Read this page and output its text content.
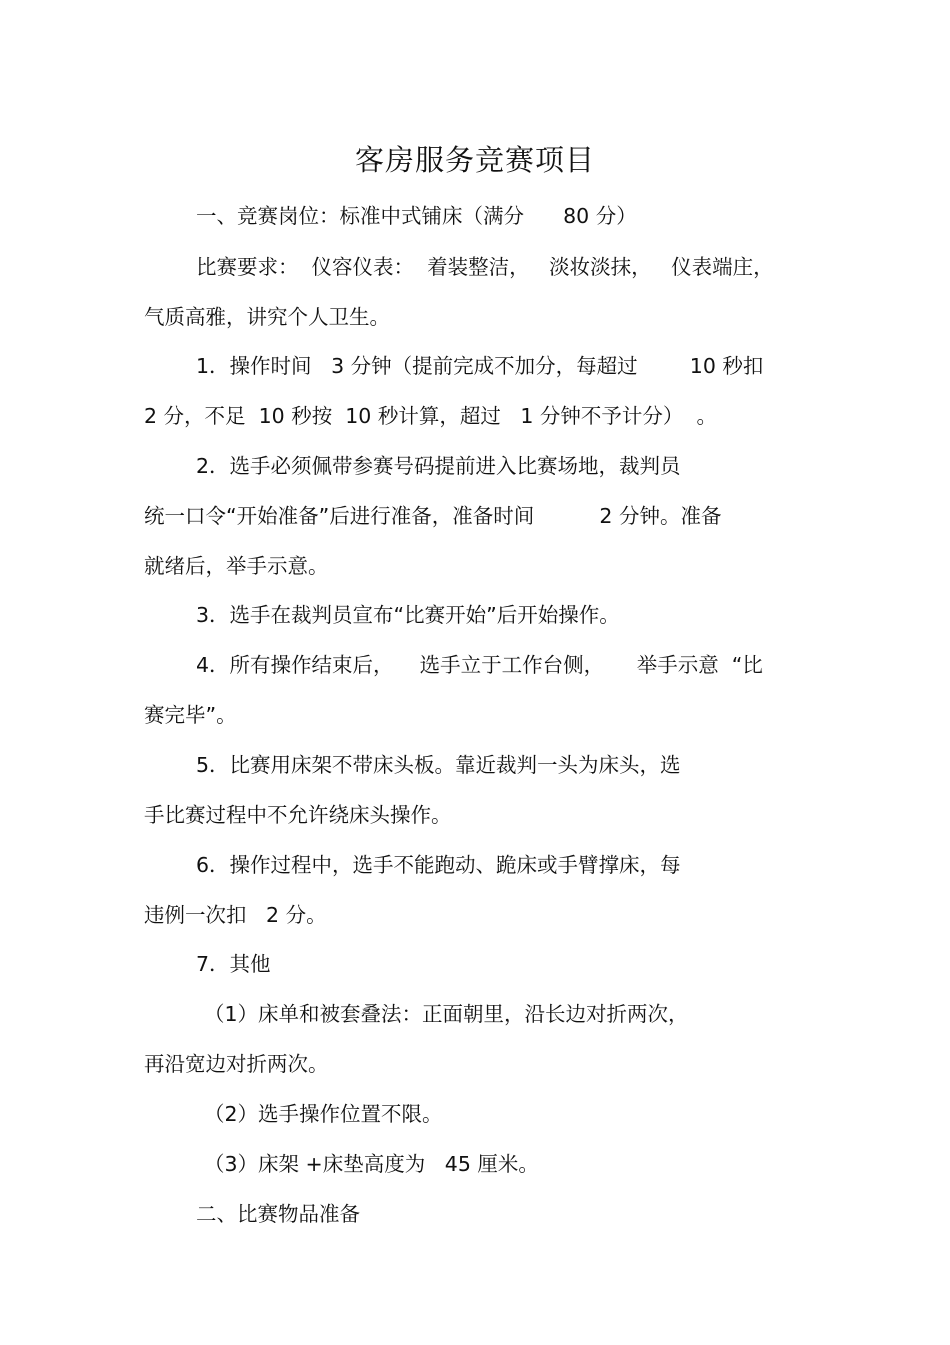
客房服务竞赛项目
一、竞赛岗位：标准中式铺床（满分      80 分）
比赛要求：  仪容仪表：  着装整洁，   淡妆淡抹，   仪表端庄，
气质高雅，讲究个人卫生。
1．操作时间   3 分钟（提前完成不加分，每超过        10 秒扣
2 分，不足  10 秒按  10 秒计算，超过   1 分钟不予计分）  。
2．选手必须佩带参赛号码提前进入比赛场地，裁判员
统一口令“开始准备”后进行准备，准备时间          2 分钟。准备
就绪后，举手示意。
3．选手在裁判员宣布“比赛开始”后开始操作。
4．所有操作结束后，    选手立于工作台侧，     举手示意  “比
赛完毕”。
5．比赛用床架不带床头板。靠近裁判一头为床头，选
手比赛过程中不允许绕床头操作。
6．操作过程中，选手不能跑动、跪床或手臂撑床，每
违例一次扣   2 分。
7．其他
（1）床单和被套叠法：正面朝里，沿长边对折两次，
再沿宽边对折两次。
（2）选手操作位置不限。
（3）床架 +床垫高度为   45 厘米。
二、比赛物品准备
